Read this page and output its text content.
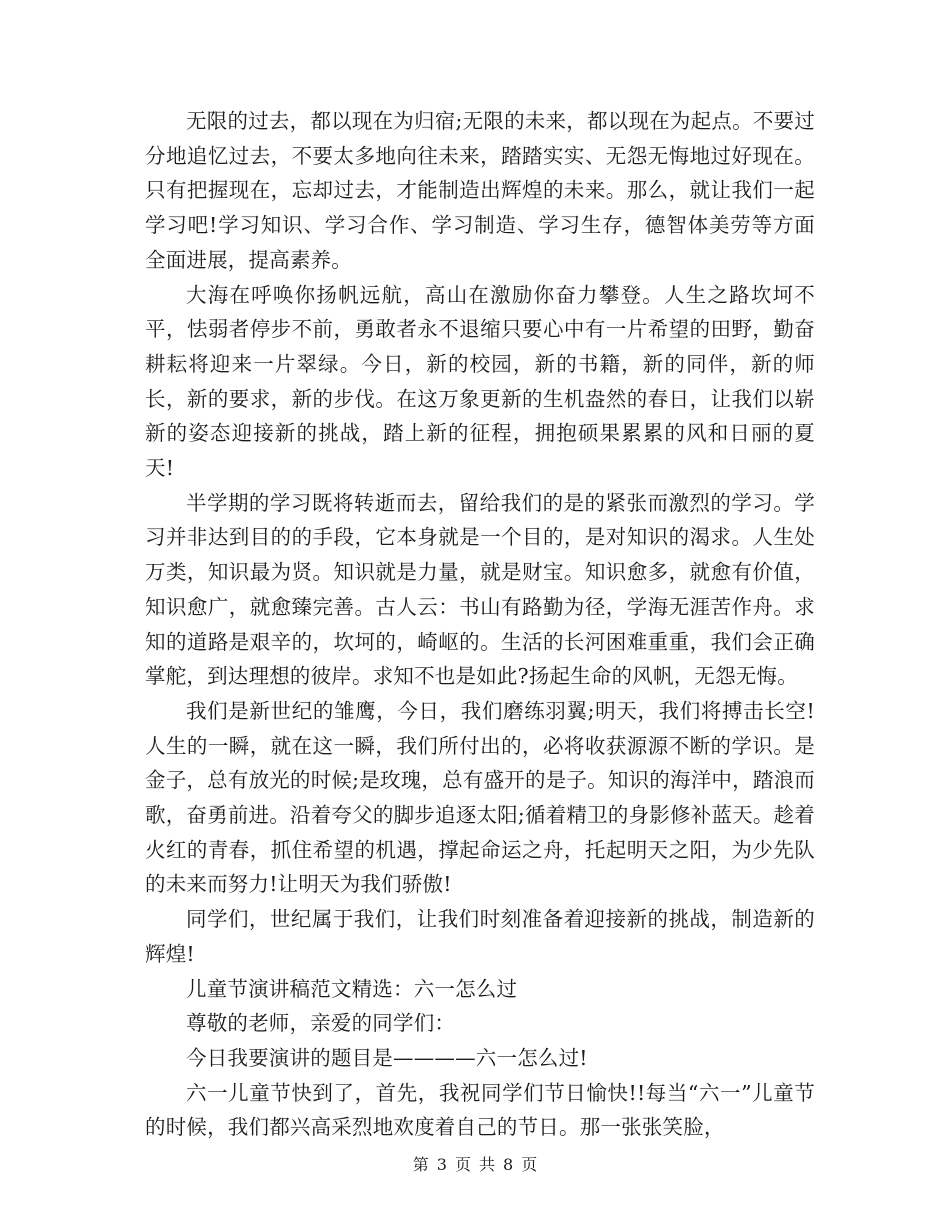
无限的过去，都以现在为归宿;无限的未来，都以现在为起点。不要过分地追忆过去，不要太多地向往未来，踏踏实实、无怨无悔地过好现在。只有把握现在，忘却过去，才能制造出辉煌的未来。那么，就让我们一起学习吧!学习知识、学习合作、学习制造、学习生存，德智体美劳等方面全面进展，提高素养。

大海在呼唤你扬帆远航，高山在激励你奋力攀登。人生之路坎坷不平，怯弱者停步不前，勇敢者永不退缩只要心中有一片希望的田野，勤奋耕耘将迎来一片翠绿。今日，新的校园，新的书籍，新的同伴，新的师长，新的要求，新的步伐。在这万象更新的生机盎然的春日，让我们以崭新的姿态迎接新的挑战，踏上新的征程，拥抱硕果累累的风和日丽的夏天!

半学期的学习既将转逝而去，留给我们的是的紧张而激烈的学习。学习并非达到目的的手段，它本身就是一个目的，是对知识的渴求。人生处万类，知识最为贤。知识就是力量，就是财宝。知识愈多，就愈有价值，知识愈广，就愈臻完善。古人云：书山有路勤为径，学海无涯苦作舟。求知的道路是艰辛的，坎坷的，崎岖的。生活的长河困难重重，我们会正确掌舵，到达理想的彼岸。求知不也是如此?扬起生命的风帆，无怨无悔。

我们是新世纪的雏鹰，今日，我们磨练羽翼;明天，我们将搏击长空!人生的一瞬，就在这一瞬，我们所付出的，必将收获源源不断的学识。是金子，总有放光的时候;是玫瑰，总有盛开的是子。知识的海洋中，踏浪而歌，奋勇前进。沿着夸父的脚步追逐太阳;循着精卫的身影修补蓝天。趁着火红的青春，抓住希望的机遇，撑起命运之舟，托起明天之阳，为少先队的未来而努力!让明天为我们骄傲!

同学们，世纪属于我们，让我们时刻准备着迎接新的挑战，制造新的辉煌!

儿童节演讲稿范文精选：六一怎么过

尊敬的老师，亲爱的同学们：

今日我要演讲的题目是————六一怎么过!

六一儿童节快到了，首先，我祝同学们节日愉快!!每当“六一”儿童节的时候，我们都兴高采烈地欢度着自己的节日。那一张张笑脸，

第 3 页 共 8 页
